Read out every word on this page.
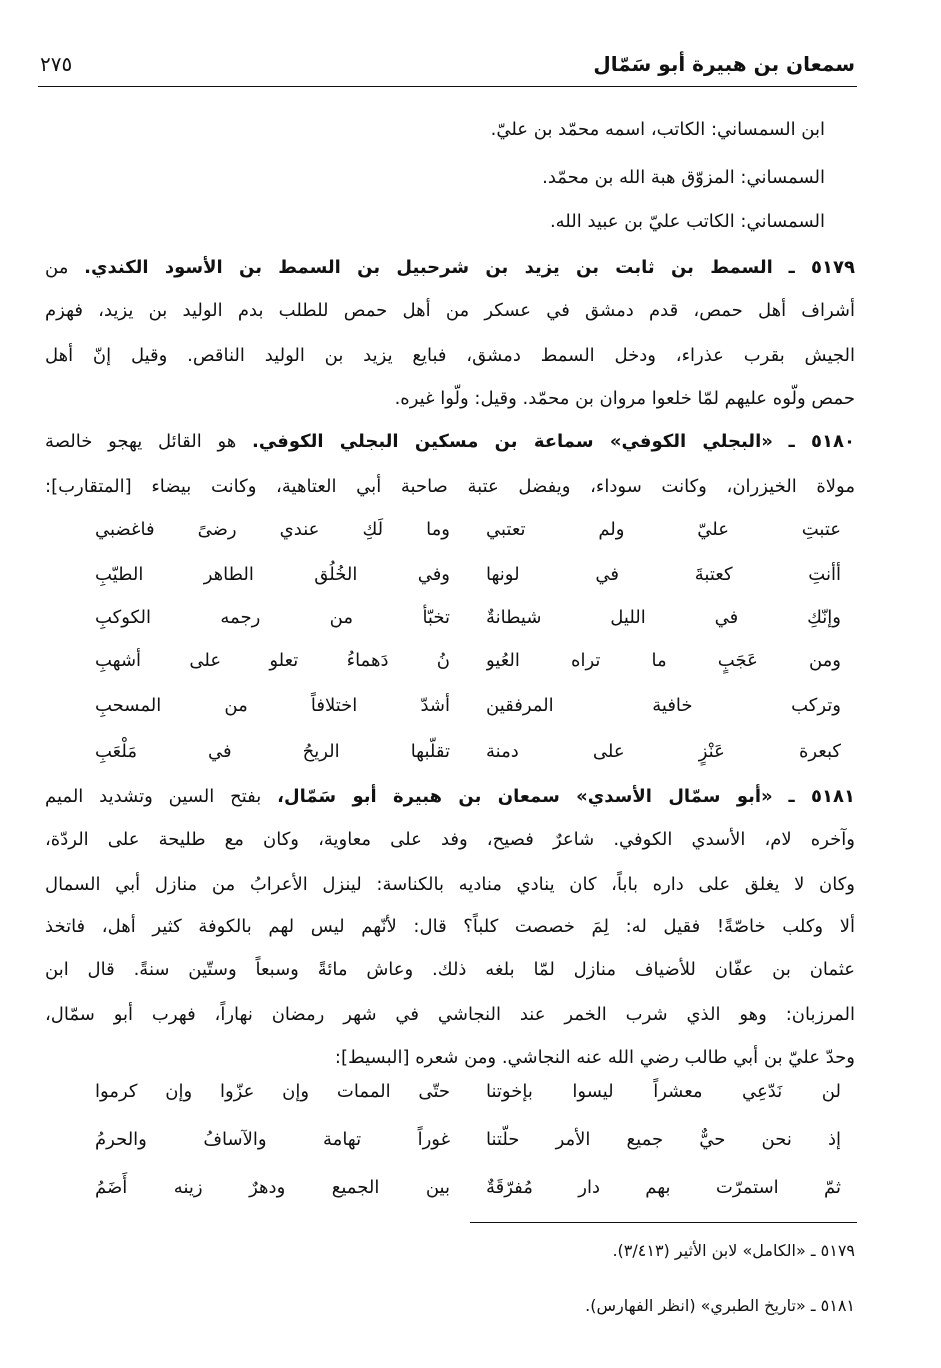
سمعان بن هبيرة أبو سَمّال
٢٧٥
ابن السمساني: الكاتب، اسمه محمّد بن عليّ.
السمساني: المزوّق هبة الله بن محمّد.
السمساني: الكاتب عليّ بن عبيد الله.
٥١٧٩ ـ السمط بن ثابت بن يزيد بن شرحبيل بن السمط بن الأسود الكندي. من
أشراف أهل حمص، قدم دمشق في عسكر من أهل حمص للطلب بدم الوليد بن يزيد، فهزم
الجيش بقرب عذراء، ودخل السمط دمشق، فبايع يزيد بن الوليد الناقص. وقيل إنّ أهل
حمص ولّوه عليهم لمّا خلعوا مروان بن محمّد. وقيل: ولّوا غيره.
٥١٨٠ ـ «البجلي الكوفي» سماعة بن مسكين البجلي الكوفي. هو القائل يهجو خالصة
مولاة الخيزران، وكانت سوداء، ويفضل عتبة صاحبة أبي العتاهية، وكانت بيضاء [المتقارب]:
عتبتِ عليّ ولم تعتبي
وما لَكِ عندي رضىً فاغضبي
أأنتِ كعتبةَ في لونها
وفي الخُلُق الطاهر الطيّبِ
وإنّكِ في الليل شيطانةٌ
تخبّأ من رجمه الكوكبِ
ومن عَجَبٍ ما تراه العُيو
نُ دَهماءُ تعلو على أشهبِ
وتركب خافية المرفقين
أشدّ اختلافاً من المسحبِ
كبعرة عَنْزٍ على دمنة
تقلّبها الريحُ في مَلْعَبِ
٥١٨١ ـ «أبو سمّال الأسدي» سمعان بن هبيرة أبو سَمّال، بفتح السين وتشديد الميم
وآخره لام، الأسدي الكوفي. شاعرٌ فصيح، وفد على معاوية، وكان مع طليحة على الردّة،
وكان لا يغلق على داره باباً، كان ينادي مناديه بالكناسة: لينزل الأعرابُ من منازل أبي السمال
ألا وكلب خاصّةً! فقيل له: لِمَ خصصت كلباً؟ قال: لأنّهم ليس لهم بالكوفة كثير أهل، فاتخذ
عثمان بن عفّان للأضياف منازل لمّا بلغه ذلك. وعاش مائةً وسبعاً وستّين سنةً. قال ابن
المرزبان: وهو الذي شرب الخمر عند النجاشي في شهر رمضان نهاراً، فهرب أبو سمّال،
وحدّ عليّ بن أبي طالب رضي الله عنه النجاشي. ومن شعره [البسيط]:
لن نَدّعِي معشراً ليسوا بإخوتنا
حتّى الممات وإن عزّوا وإن كرموا
إذ نحن حيٌّ جميع الأمر حلّتنا
غوراً تهامة والآسافُ والحرمُ
ثمّ استمرّت بهم دار مُفرّقَةٌ
بين الجميع ودهرٌ زينه أَضَمُ
٥١٧٩ ـ «الكامل» لابن الأثير (٣/٤١٣).
٥١٨١ ـ «تاريخ الطبري» (انظر الفهارس).
